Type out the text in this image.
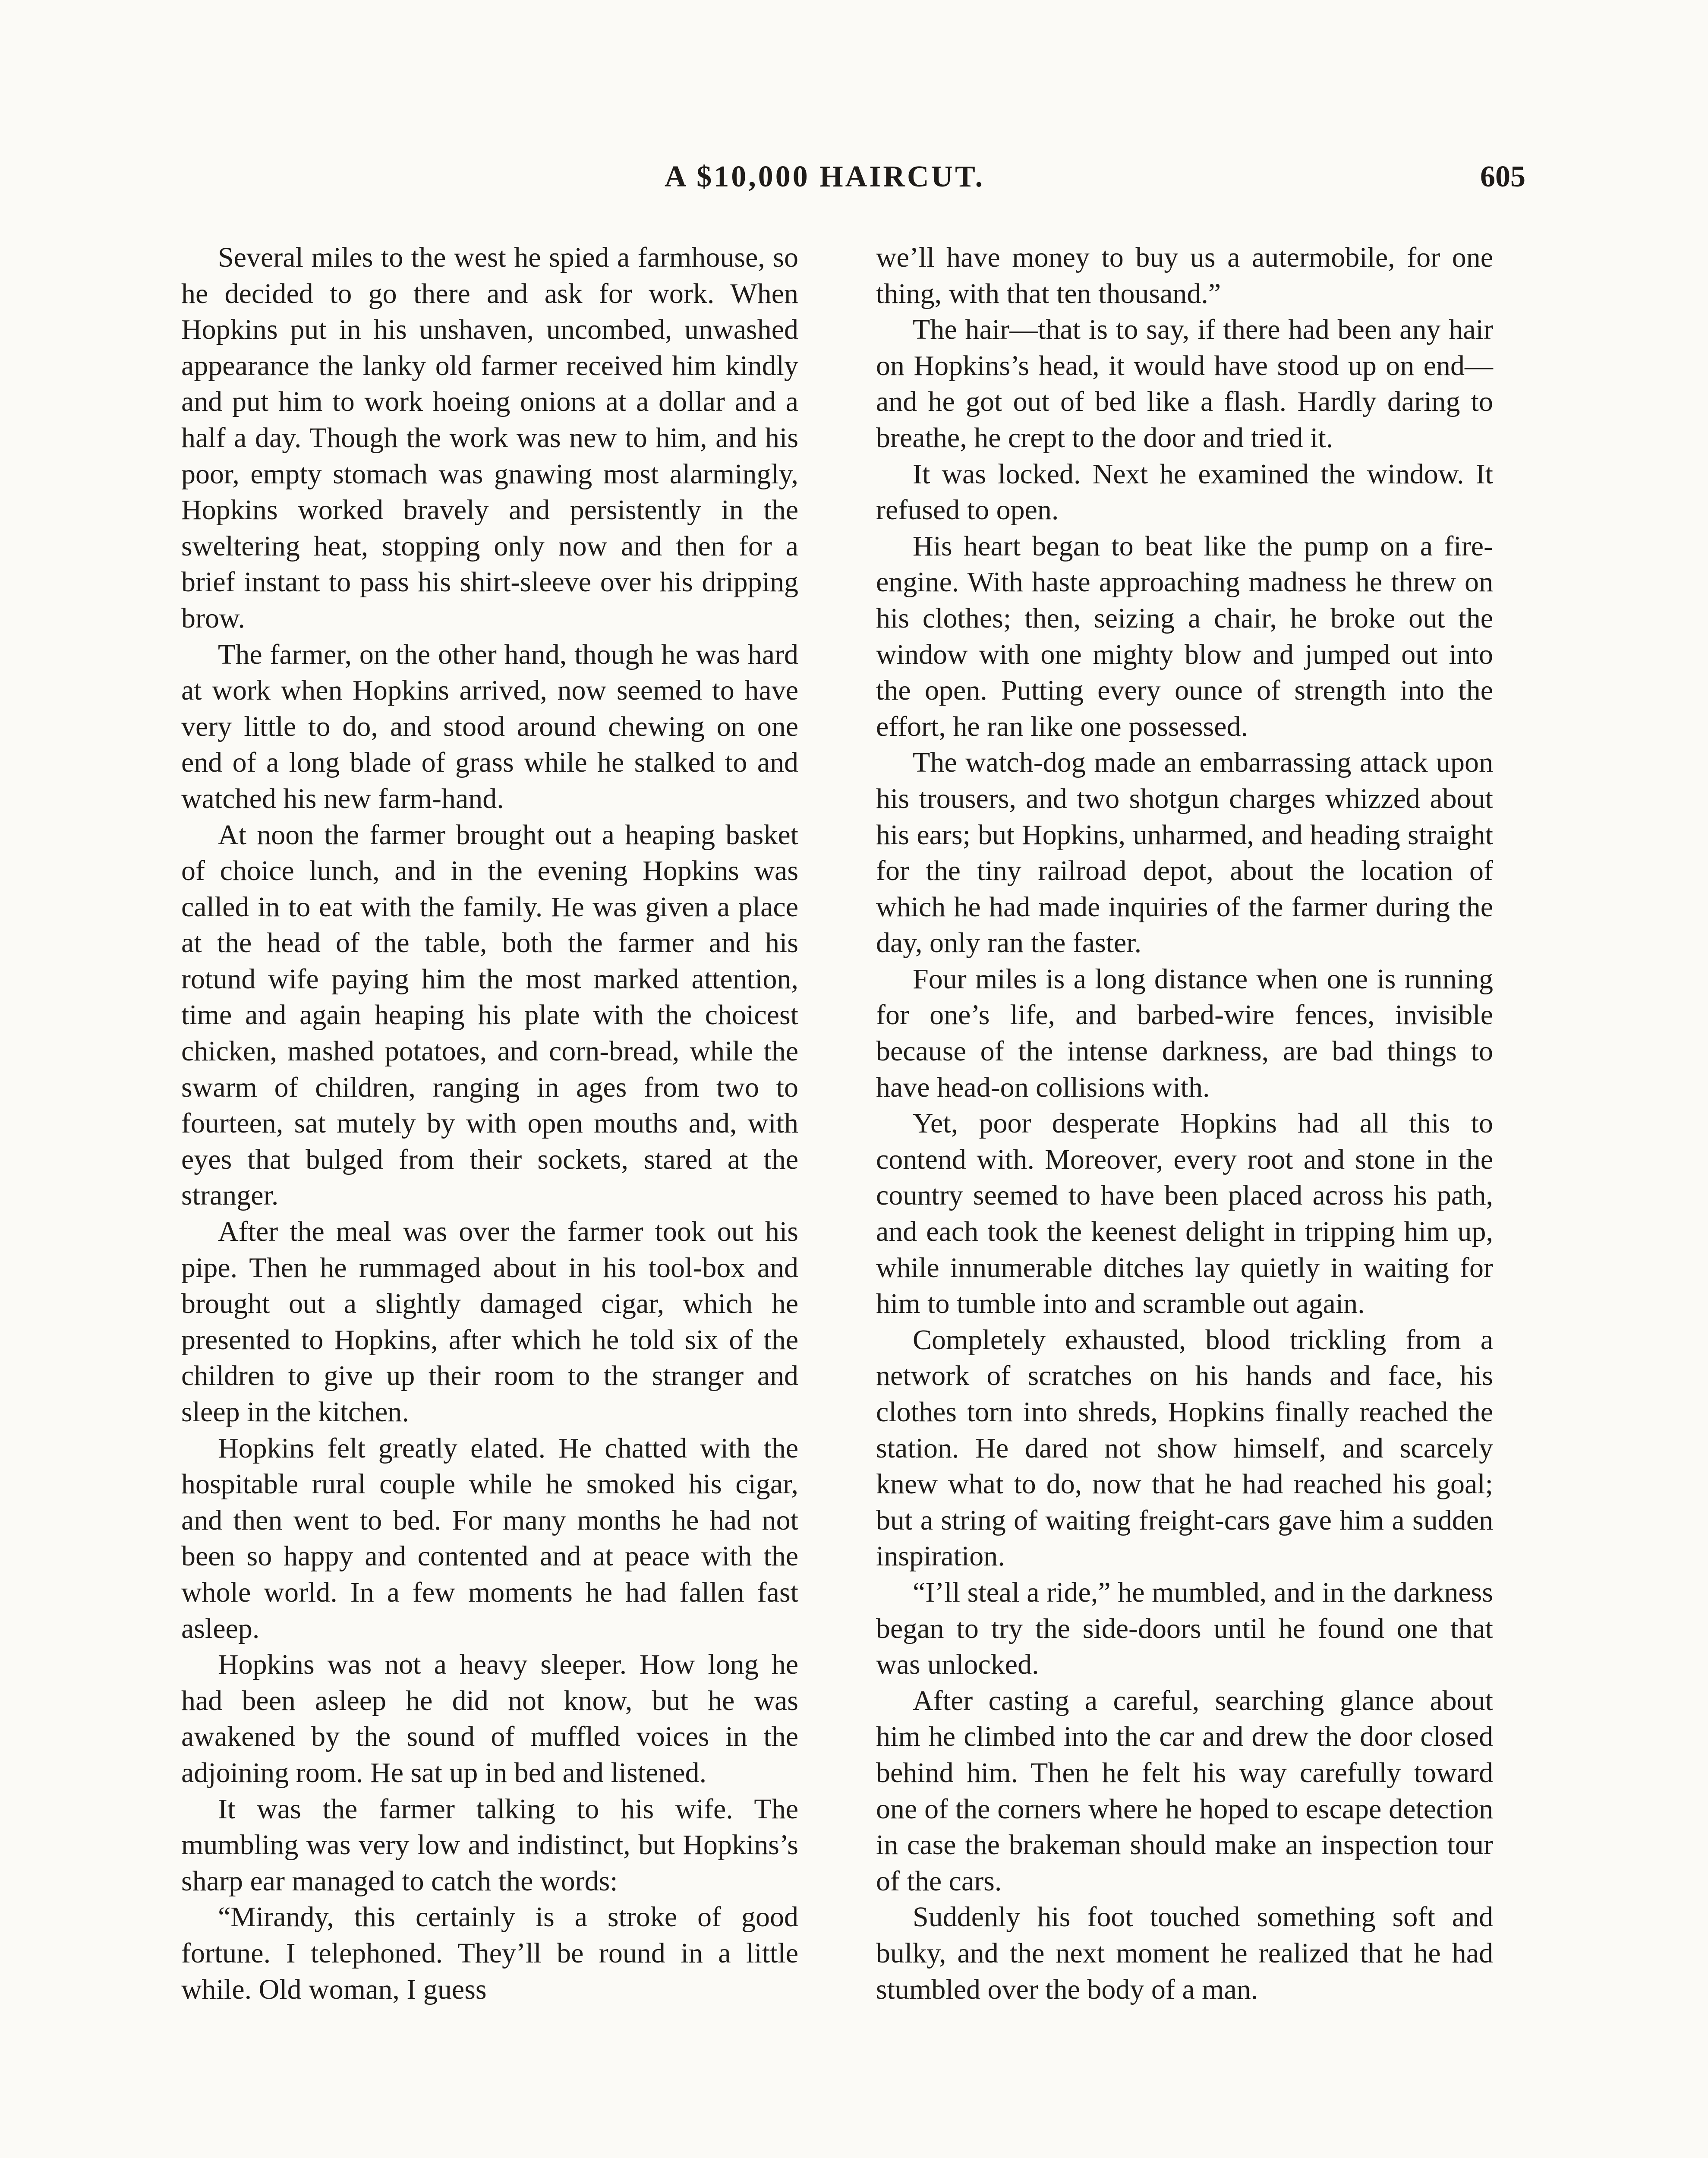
A $10,000 HAIRCUT.	605

Several miles to the west he spied a farmhouse, so he decided to go there and ask for work. When Hopkins put in his unshaven, uncombed, unwashed appearance the lanky old farmer received him kindly and put him to work hoeing onions at a dollar and a half a day. Though the work was new to him, and his poor, empty stomach was gnawing most alarmingly, Hopkins worked bravely and persistently in the sweltering heat, stopping only now and then for a brief instant to pass his shirt-sleeve over his dripping brow.

The farmer, on the other hand, though he was hard at work when Hopkins arrived, now seemed to have very little to do, and stood around chewing on one end of a long blade of grass while he stalked to and watched his new farm-hand.

At noon the farmer brought out a heaping basket of choice lunch, and in the evening Hopkins was called in to eat with the family. He was given a place at the head of the table, both the farmer and his rotund wife paying him the most marked attention, time and again heaping his plate with the choicest chicken, mashed potatoes, and corn-bread, while the swarm of children, ranging in ages from two to fourteen, sat mutely by with open mouths and, with eyes that bulged from their sockets, stared at the stranger.

After the meal was over the farmer took out his pipe. Then he rummaged about in his tool-box and brought out a slightly damaged cigar, which he presented to Hopkins, after which he told six of the children to give up their room to the stranger and sleep in the kitchen.

Hopkins felt greatly elated. He chatted with the hospitable rural couple while he smoked his cigar, and then went to bed. For many months he had not been so happy and contented and at peace with the whole world. In a few moments he had fallen fast asleep.

Hopkins was not a heavy sleeper. How long he had been asleep he did not know, but he was awakened by the sound of muffled voices in the adjoining room. He sat up in bed and listened.

It was the farmer talking to his wife. The mumbling was very low and indistinct, but Hopkins’s sharp ear managed to catch the words:

“Mirandy, this certainly is a stroke of good fortune. I telephoned. They’ll be round in a little while. Old woman, I guess

we’ll have money to buy us a autermobile, for one thing, with that ten thousand.”

The hair—that is to say, if there had been any hair on Hopkins’s head, it would have stood up on end—and he got out of bed like a flash. Hardly daring to breathe, he crept to the door and tried it.

It was locked. Next he examined the window. It refused to open.

His heart began to beat like the pump on a fire-engine. With haste approaching madness he threw on his clothes; then, seizing a chair, he broke out the window with one mighty blow and jumped out into the open. Putting every ounce of strength into the effort, he ran like one possessed.

The watch-dog made an embarrassing attack upon his trousers, and two shotgun charges whizzed about his ears; but Hopkins, unharmed, and heading straight for the tiny railroad depot, about the location of which he had made inquiries of the farmer during the day, only ran the faster.

Four miles is a long distance when one is running for one’s life, and barbed-wire fences, invisible because of the intense darkness, are bad things to have head-on collisions with.

Yet, poor desperate Hopkins had all this to contend with. Moreover, every root and stone in the country seemed to have been placed across his path, and each took the keenest delight in tripping him up, while innumerable ditches lay quietly in waiting for him to tumble into and scramble out again.

Completely exhausted, blood trickling from a network of scratches on his hands and face, his clothes torn into shreds, Hopkins finally reached the station. He dared not show himself, and scarcely knew what to do, now that he had reached his goal; but a string of waiting freight-cars gave him a sudden inspiration.

“I’ll steal a ride,” he mumbled, and in the darkness began to try the side-doors until he found one that was unlocked.

After casting a careful, searching glance about him he climbed into the car and drew the door closed behind him. Then he felt his way carefully toward one of the corners where he hoped to escape detection in case the brakeman should make an inspection tour of the cars.

Suddenly his foot touched something soft and bulky, and the next moment he realized that he had stumbled over the body of a man.
